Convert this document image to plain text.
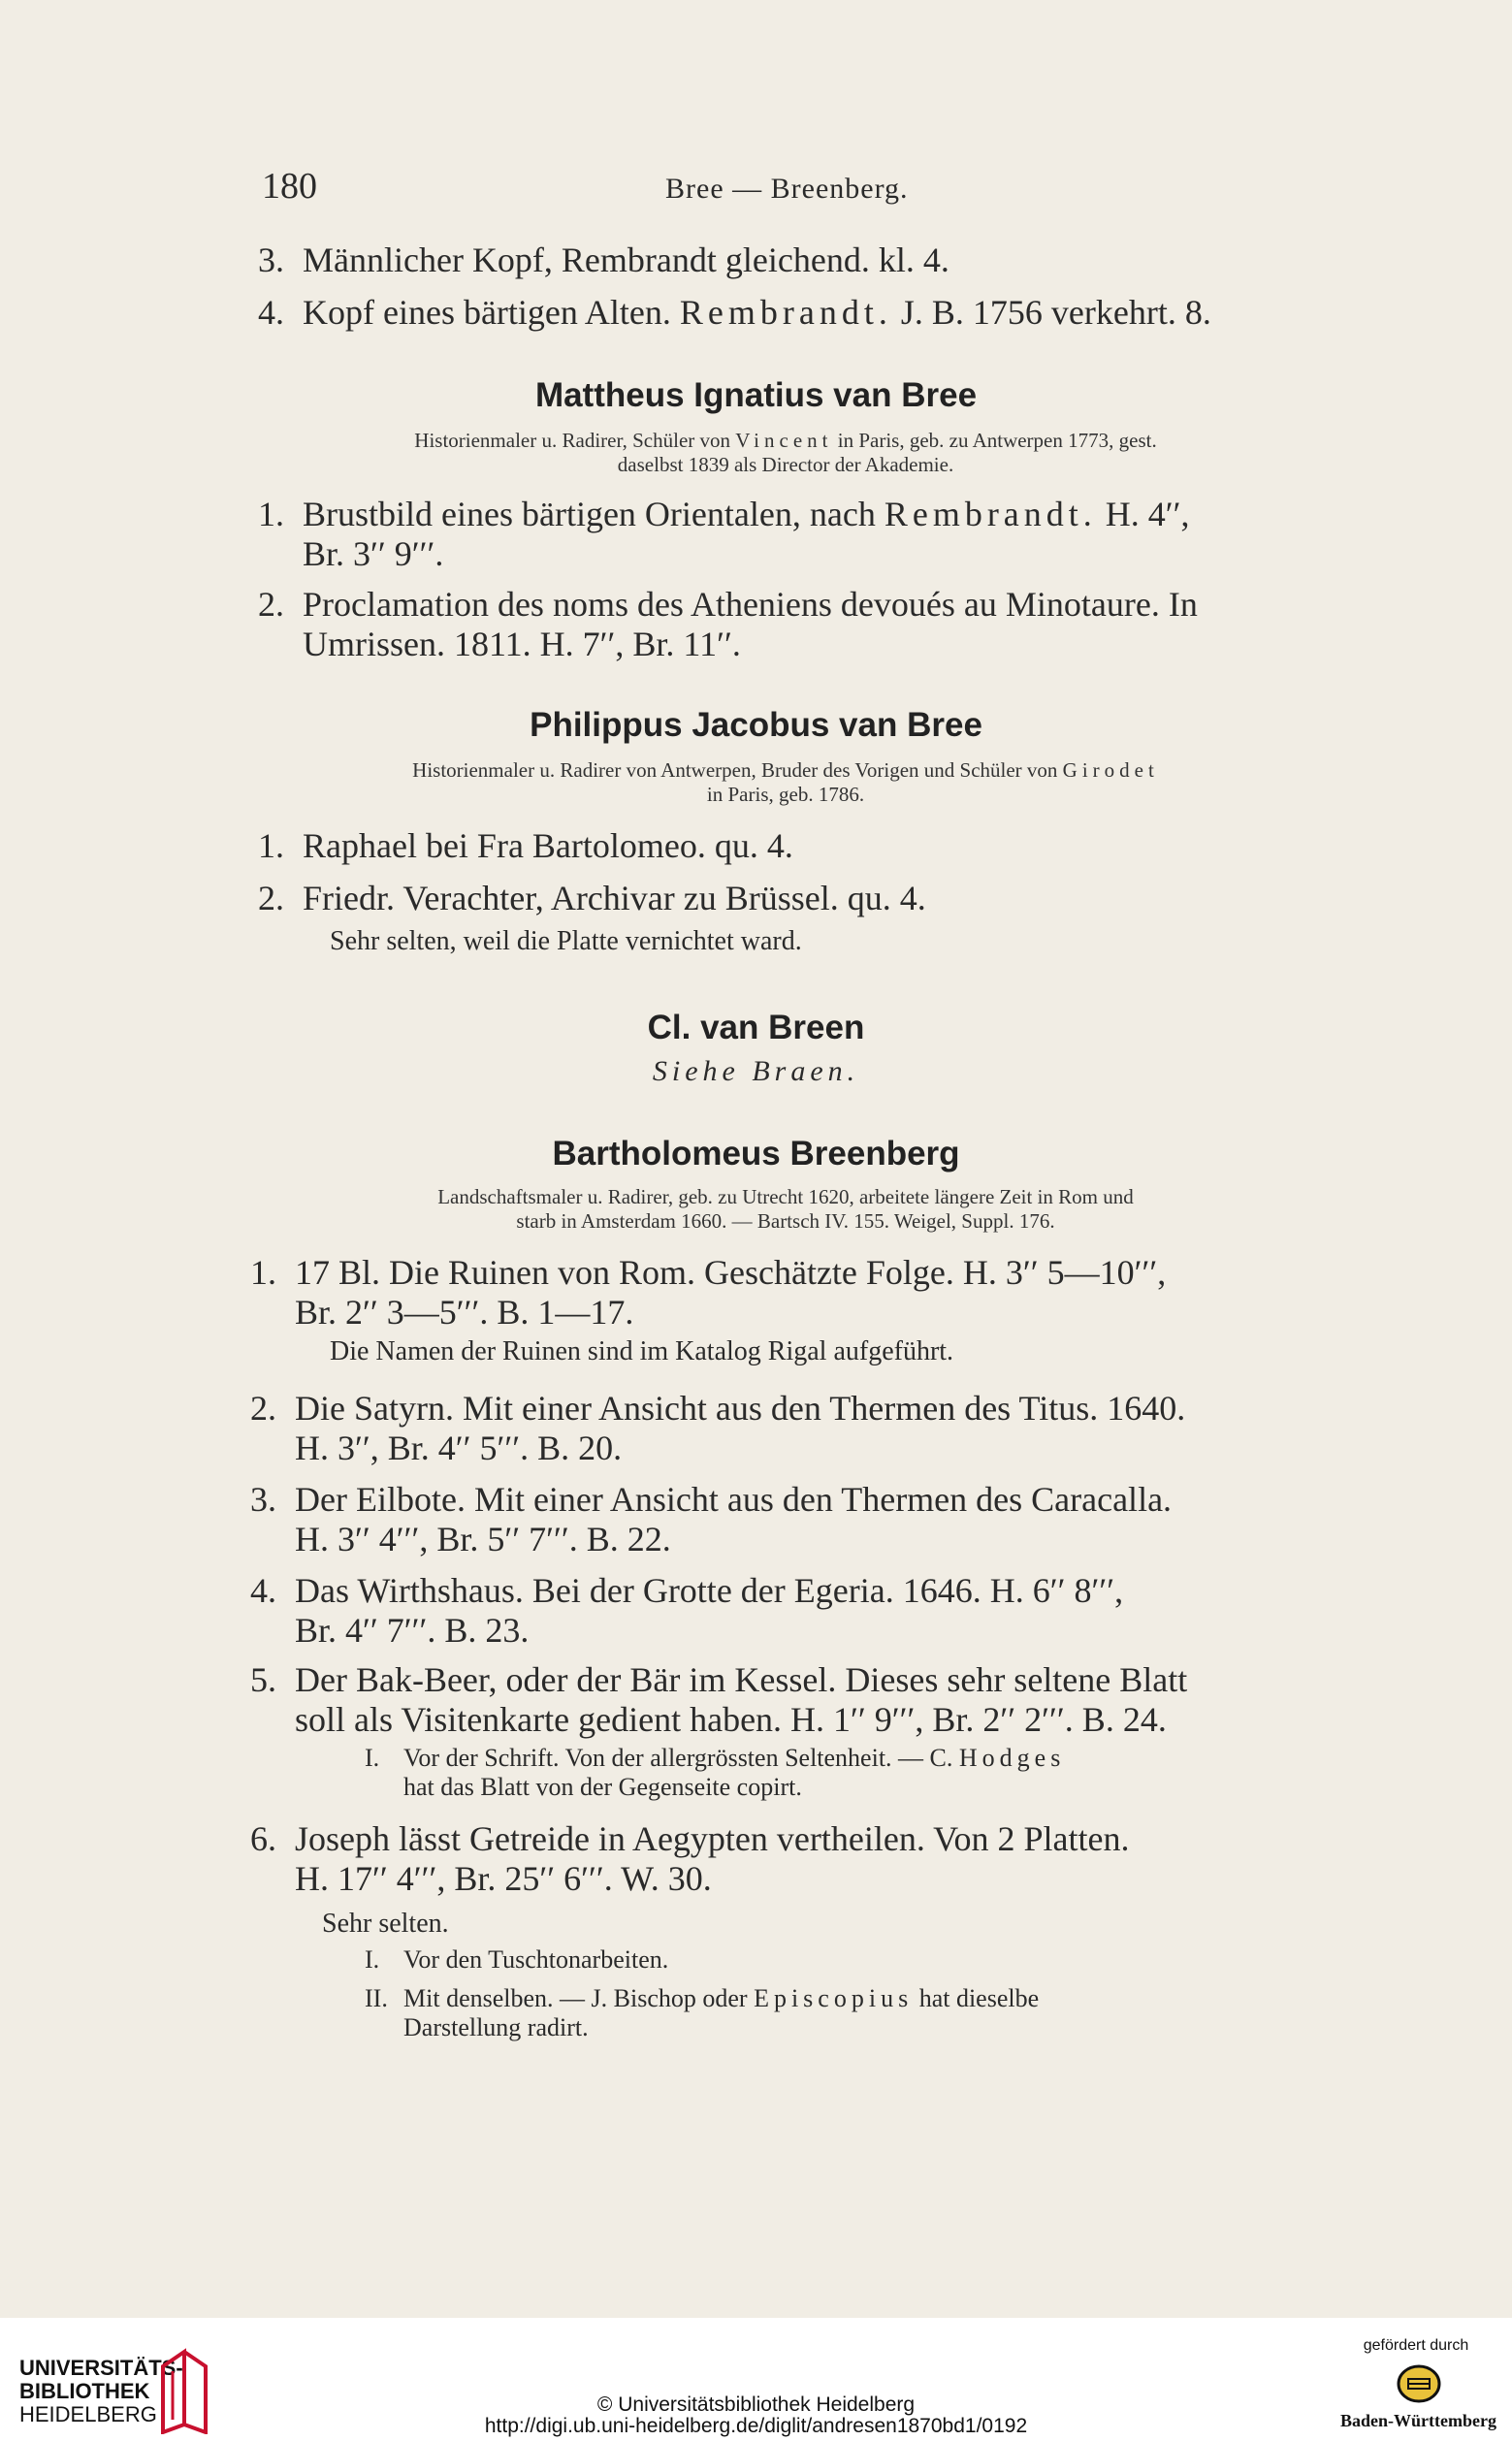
180	Bree — Breenberg.
3. Männlicher Kopf, Rembrandt gleichend. kl. 4.
4. Kopf eines bärtigen Alten. Rembrandt. J. B. 1756 verkehrt. 8.
Mattheus Ignatius van Bree
Historienmaler u. Radirer, Schüler von Vincent in Paris, geb. zu Antwerpen 1773, gest.
daselbst 1839 als Director der Akademie.
1. Brustbild eines bärtigen Orientalen, nach Rembrandt. H. 4′′,
Br. 3′′ 9′′′.
2. Proclamation des noms des Atheniens devoués au Minotaure. In
Umrissen. 1811. H. 7′′, Br. 11′′.
Philippus Jacobus van Bree
Historienmaler u. Radirer von Antwerpen, Bruder des Vorigen und Schüler von Girodet
in Paris, geb. 1786.
1. Raphael bei Fra Bartolomeo. qu. 4.
2. Friedr. Verachter, Archivar zu Brüssel. qu. 4.
Sehr selten, weil die Platte vernichtet ward.
Cl. van Breen
Siehe Braen.
Bartholomeus Breenberg
Landschaftsmaler u. Radirer, geb. zu Utrecht 1620, arbeitete längere Zeit in Rom und
starb in Amsterdam 1660. — Bartsch IV. 155. Weigel, Suppl. 176.
1. 17 Bl. Die Ruinen von Rom. Geschätzte Folge. H. 3′′ 5—10′′′,
Br. 2′′ 3—5′′′. B. 1—17.
Die Namen der Ruinen sind im Katalog Rigal aufgeführt.
2. Die Satyrn. Mit einer Ansicht aus den Thermen des Titus. 1640.
H. 3′′, Br. 4′′ 5′′′. B. 20.
3. Der Eilbote. Mit einer Ansicht aus den Thermen des Caracalla.
H. 3′′ 4′′′, Br. 5′′ 7′′′. B. 22.
4. Das Wirthshaus. Bei der Grotte der Egeria. 1646. H. 6′′ 8′′′,
Br. 4′′ 7′′′. B. 23.
5. Der Bak-Beer, oder der Bär im Kessel. Dieses sehr seltene Blatt
soll als Visitenkarte gedient haben. H. 1′′ 9′′′, Br. 2′′ 2′′′. B. 24.
I. Vor der Schrift. Von der allergrössten Seltenheit. — C. Hodges
hat das Blatt von der Gegenseite copirt.
6. Joseph lässt Getreide in Aegypten vertheilen. Von 2 Platten.
H. 17′′ 4′′′, Br. 25′′ 6′′′. W. 30.
Sehr selten.
I. Vor den Tuschtonarbeiten.
II. Mit denselben. — J. Bischop oder Episcopius hat dieselbe
Darstellung radirt.
UNIVERSITÄTS-
BIBLIOTHEK
HEIDELBERG	© Universitätsbibliothek Heidelberg
http://digi.ub.uni-heidelberg.de/diglit/andresen1870bd1/0192
gefördert durch
Baden-Württemberg
